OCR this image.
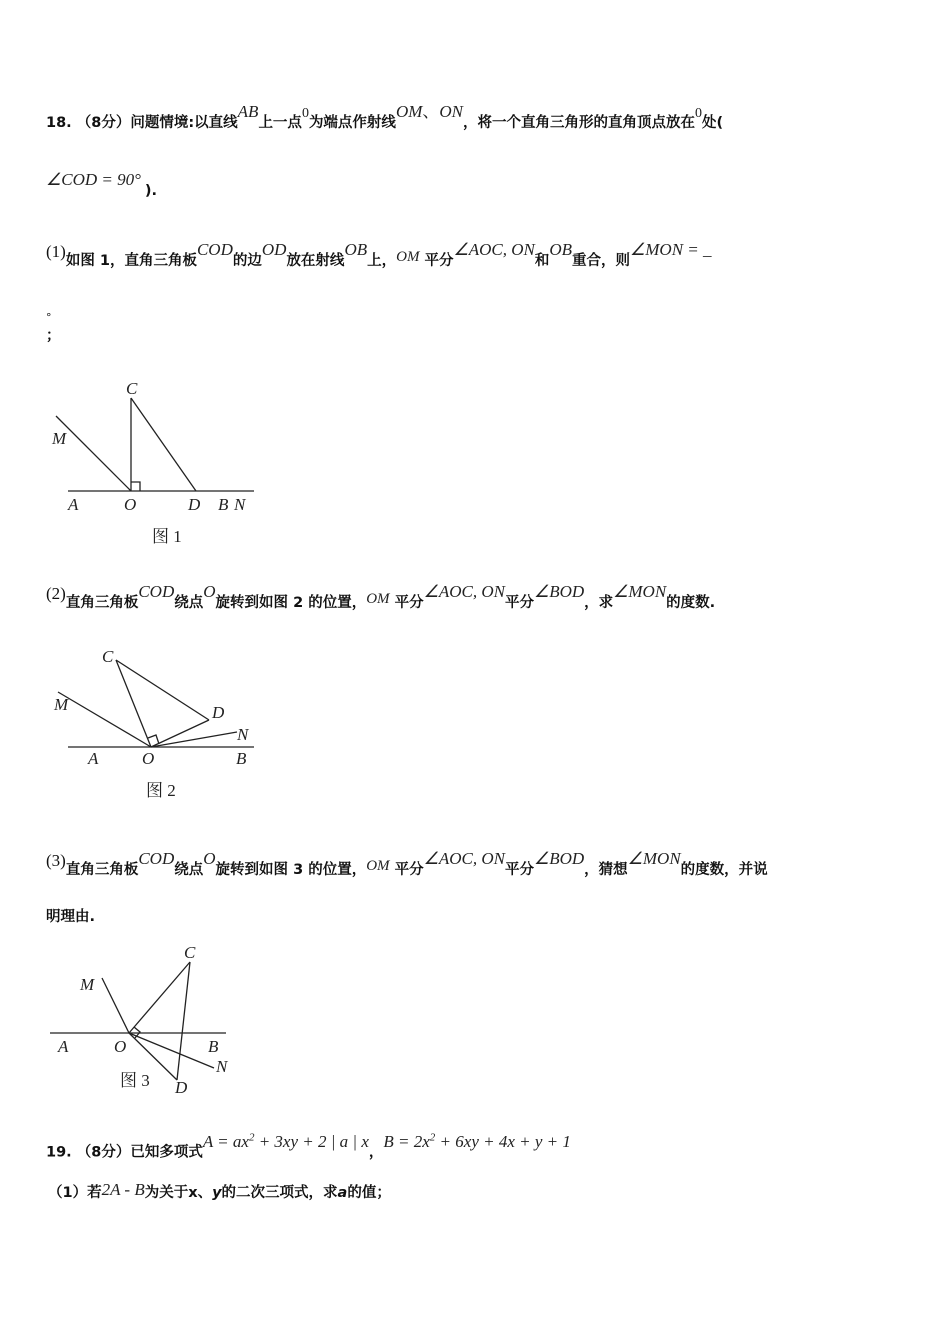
18. （8分）问题情境:以直线AB上一点0为端点作射线OM、ON，将一个直角三角形的直角顶点放在0处(
∠COD = 90°).
(1)如图 1，直角三角板COD的边OD放在射线OB上，OM 平分∠AOC, ON和OB重合，则∠MON = _
°
；
C
M
A	O	D B N
图 1
(2)直角三角板COD绕点O旋转到如图 2 的位置，OM 平分∠AOC, ON平分∠BOD，求∠MON的度数.
C
M	D
N
A	O	B
图 2
(3)直角三角板COD绕点O旋转到如图 3 的位置，OM 平分∠AOC, ON平分∠BOD，猜想∠MON的度数，并说
明理由.
C
M
A	O	B
N
D
图 3
19. （8分）已知多项式$A = ax^2 + 3xy + 2$ | a | x，$B = 2x^2 + 6xy + 4x + y + 1$
（1）若2A - B为关于x、y的二次三项式，求a的值；
